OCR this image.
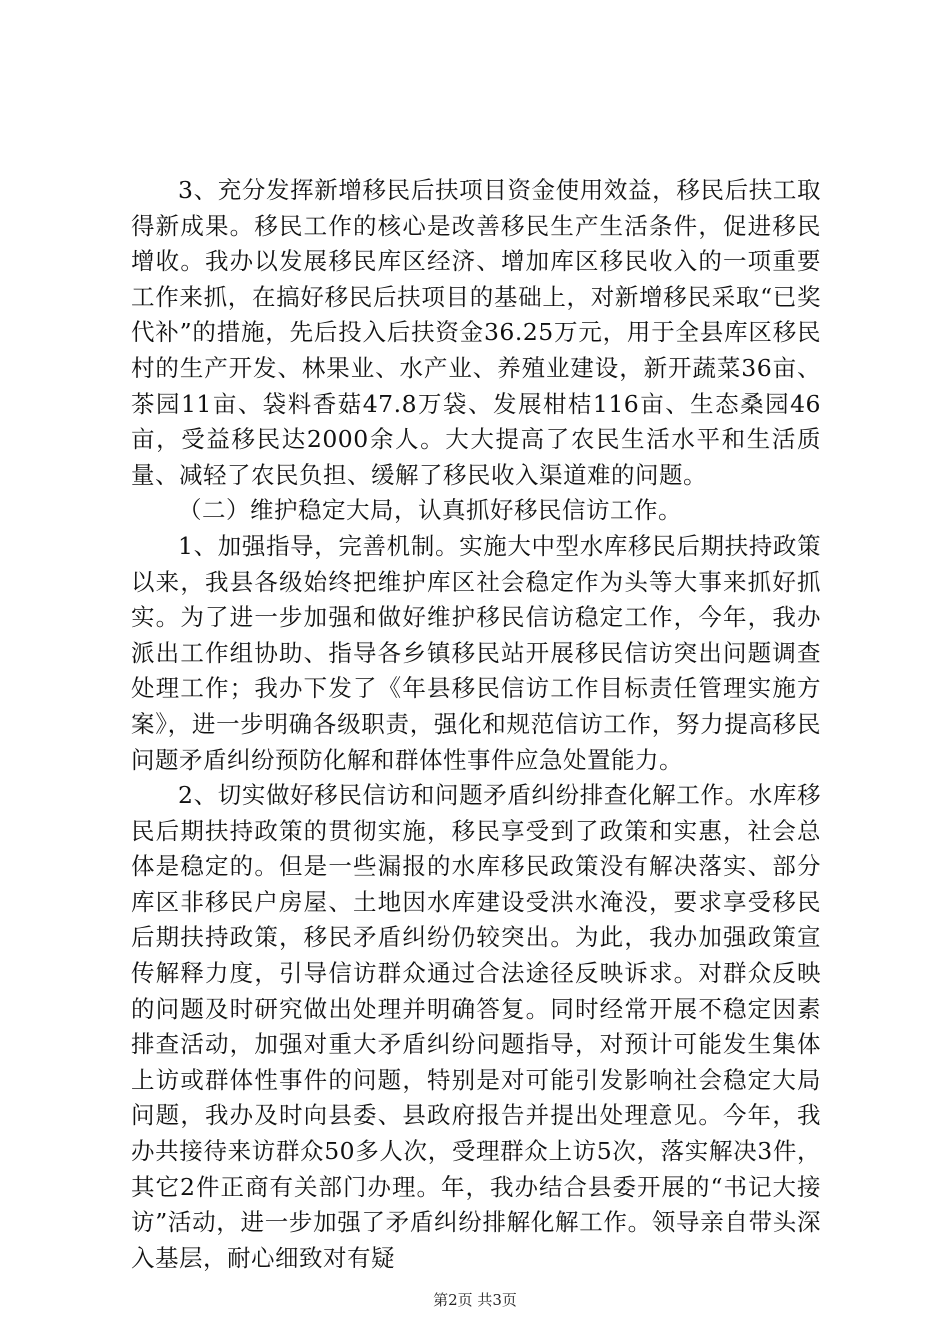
3、充分发挥新增移民后扶项目资金使用效益，移民后扶工取得新成果。移民工作的核心是改善移民生产生活条件，促进移民增收。我办以发展移民库区经济、增加库区移民收入的一项重要工作来抓，在搞好移民后扶项目的基础上，对新增移民采取“已奖代补”的措施，先后投入后扶资金36.25万元，用于全县库区移民村的生产开发、林果业、水产业、养殖业建设，新开蔬菜36亩、茶园11亩、袋料香菇47.8万袋、发展柑桔116亩、生态桑园46亩，受益移民达2000余人。大大提高了农民生活水平和生活质量、减轻了农民负担、缓解了移民收入渠道难的问题。

（二）维护稳定大局，认真抓好移民信访工作。

1、加强指导，完善机制。实施大中型水库移民后期扶持政策以来，我县各级始终把维护库区社会稳定作为头等大事来抓好抓实。为了进一步加强和做好维护移民信访稳定工作，今年，我办派出工作组协助、指导各乡镇移民站开展移民信访突出问题调查处理工作；我办下发了《年县移民信访工作目标责任管理实施方案》，进一步明确各级职责，强化和规范信访工作，努力提高移民问题矛盾纠纷预防化解和群体性事件应急处置能力。

2、切实做好移民信访和问题矛盾纠纷排查化解工作。水库移民后期扶持政策的贯彻实施，移民享受到了政策和实惠，社会总体是稳定的。但是一些漏报的水库移民政策没有解决落实、部分库区非移民户房屋、土地因水库建设受洪水淹没，要求享受移民后期扶持政策，移民矛盾纠纷仍较突出。为此，我办加强政策宣传解释力度，引导信访群众通过合法途径反映诉求。对群众反映的问题及时研究做出处理并明确答复。同时经常开展不稳定因素排查活动，加强对重大矛盾纠纷问题指导，对预计可能发生集体上访或群体性事件的问题，特别是对可能引发影响社会稳定大局问题，我办及时向县委、县政府报告并提出处理意见。今年，我办共接待来访群众50多人次，受理群众上访5次，落实解决3件，其它2件正商有关部门办理。年，我办结合县委开展的“书记大接访”活动，进一步加强了矛盾纠纷排解化解工作。领导亲自带头深入基层，耐心细致对有疑

第2页 共3页
